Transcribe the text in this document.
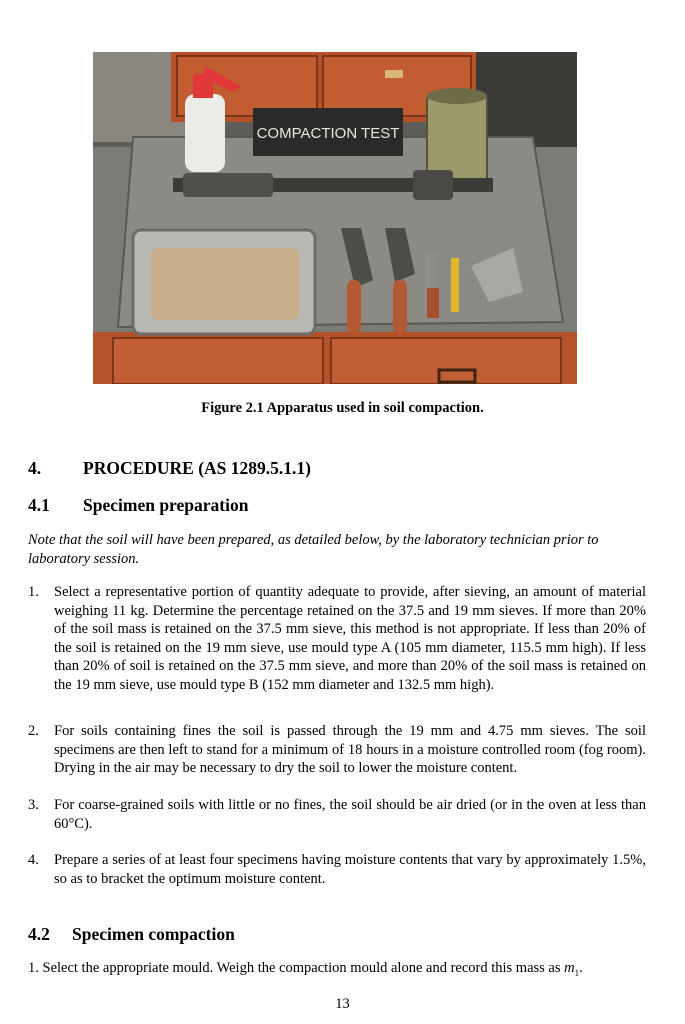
COMPACTION TEST
Figure 2.1 Apparatus used in soil compaction.
4. PROCEDURE (AS 1289.5.1.1)
4.1 Specimen preparation
Note that the soil will have been prepared, as detailed below, by the laboratory technician prior to laboratory session.
1.	Select a representative portion of quantity adequate to provide, after sieving, an amount of material weighing 11 kg. Determine the percentage retained on the 37.5 and 19 mm sieves. If more than 20% of the soil mass is retained on the 37.5 mm sieve, this method is not appropriate. If less than 20% of the soil is retained on the 19 mm sieve, use mould type A (105 mm diameter, 115.5 mm high). If less than 20% of soil is retained on the 37.5 mm sieve, and more than 20% of the soil mass is retained on the 19 mm sieve, use mould type B (152 mm diameter and 132.5 mm high).
2.	For soils containing fines the soil is passed through the 19 mm and 4.75 mm sieves. The soil specimens are then left to stand for a minimum of 18 hours in a moisture controlled room (fog room). Drying in the air may be necessary to dry the soil to lower the moisture content.
3.	For coarse-grained soils with little or no fines, the soil should be air dried (or in the oven at less than 60°C).
4.	Prepare a series of at least four specimens having moisture contents that vary by approximately 1.5%, so as to bracket the optimum moisture content.
4.2 Specimen compaction
1. Select the appropriate mould. Weigh the compaction mould alone and record this mass as $m_1$.
13
